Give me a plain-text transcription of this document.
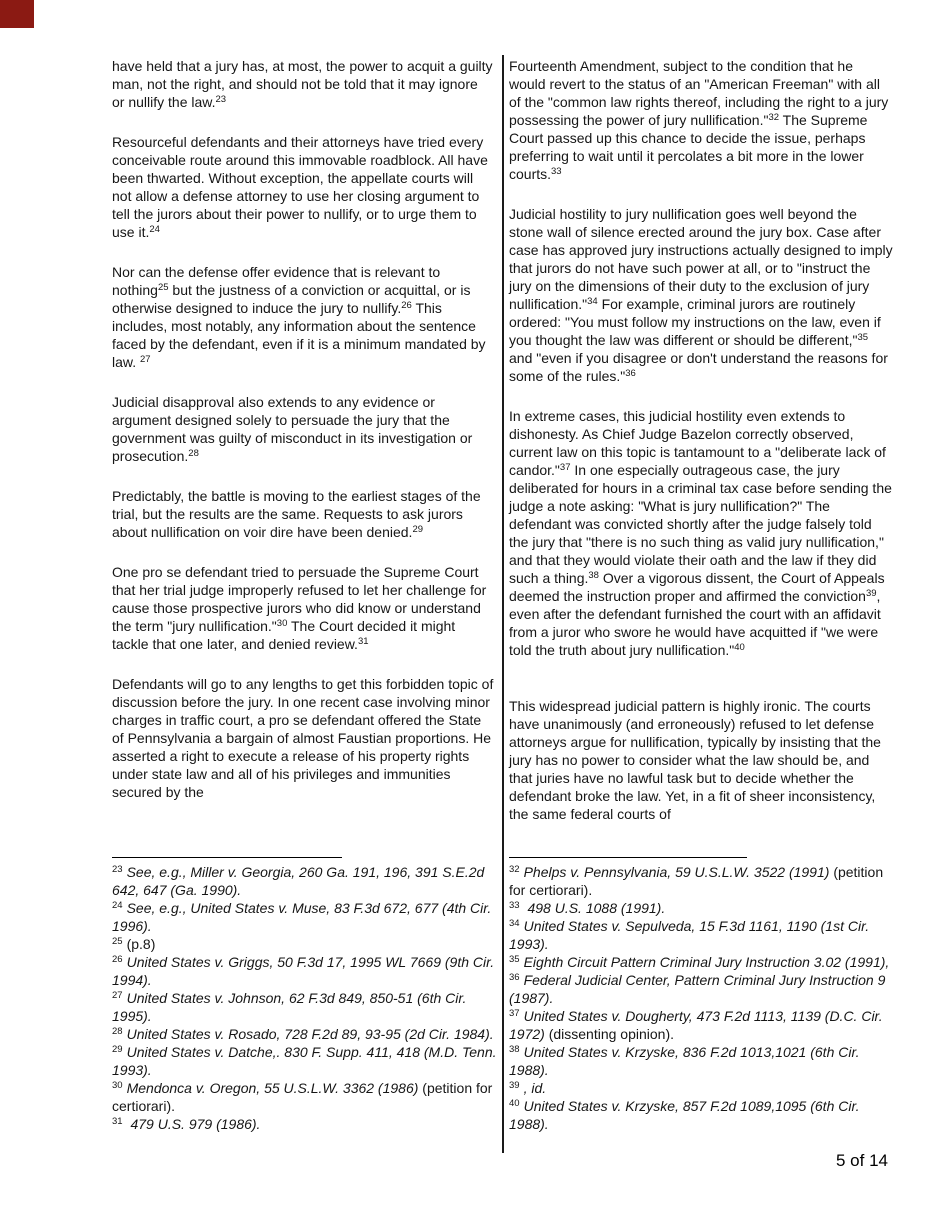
have held that a jury has, at most, the power to acquit a guilty man, not the right, and should not be told that it may ignore or nullify the law.$^{23}$

Resourceful defendants and their attorneys have tried every conceivable route around this immovable roadblock. All have been thwarted. Without exception, the appellate courts will not allow a defense attorney to use her closing argument to tell the jurors about their power to nullify, or to urge them to use it.$^{24}$

Nor can the defense offer evidence that is relevant to nothing$^{25}$ but the justness of a conviction or acquittal, or is otherwise designed to induce the jury to nullify.$^{26}$ This includes, most notably, any information about the sentence faced by the defendant, even if it is a minimum mandated by law. $^{27}$

Judicial disapproval also extends to any evidence or argument designed solely to persuade the jury that the government was guilty of misconduct in its investigation or prosecution.$^{28}$

Predictably, the battle is moving to the earliest stages of the trial, but the results are the same. Requests to ask jurors about nullification on voir dire have been denied.$^{29}$

One pro se defendant tried to persuade the Supreme Court that her trial judge improperly refused to let her challenge for cause those prospective jurors who did know or understand the term "jury nullification."$^{30}$ The Court decided it might tackle that one later, and denied review.$^{31}$

Defendants will go to any lengths to get this forbidden topic of discussion before the jury. In one recent case involving minor charges in traffic court, a pro se defendant offered the State of Pennsylvania a bargain of almost Faustian proportions. He asserted a right to execute a release of his property rights under state law and all of his privileges and immunities secured by the

Fourteenth Amendment, subject to the condition that he would revert to the status of an "American Freeman" with all of the "common law rights thereof, including the right to a jury possessing the power of jury nullification."$^{32}$ The Supreme Court passed up this chance to decide the issue, perhaps preferring to wait until it percolates a bit more in the lower courts.$^{33}$

Judicial hostility to jury nullification goes well beyond the stone wall of silence erected around the jury box. Case after case has approved jury instructions actually designed to imply that jurors do not have such power at all, or to "instruct the jury on the dimensions of their duty to the exclusion of jury nullification."$^{34}$ For example, criminal jurors are routinely ordered: "You must follow my instructions on the law, even if you thought the law was different or should be different,"$^{35}$ and "even if you disagree or don't understand the reasons for some of the rules."$^{36}$

In extreme cases, this judicial hostility even extends to dishonesty. As Chief Judge Bazelon correctly observed, current law on this topic is tantamount to a "deliberate lack of candor."$^{37}$ In one especially outrageous case, the jury deliberated for hours in a criminal tax case before sending the judge a note asking: "What is jury nullification?" The defendant was convicted shortly after the judge falsely told the jury that "there is no such thing as valid jury nullification," and that they would violate their oath and the law if they did such a thing.$^{38}$ Over a vigorous dissent, the Court of Appeals deemed the instruction proper and affirmed the conviction$^{39}$, even after the defendant furnished the court with an affidavit from a juror who swore he would have acquitted if "we were told the truth about jury nullification."$^{40}$

This widespread judicial pattern is highly ironic. The courts have unanimously (and erroneously) refused to let defense attorneys argue for nullification, typically by insisting that the jury has no power to consider what the law should be, and that juries have no lawful task but to decide whether the defendant broke the law. Yet, in a fit of sheer inconsistency, the same federal courts of

$^{23}$ See, e.g., Miller v. Georgia, 260 Ga. 191, 196, 391 S.E.2d 642, 647 (Ga. 1990).
$^{24}$ See, e.g., United States v. Muse, 83 F.3d 672, 677 (4th Cir. 1996).
$^{25}$ (p.8)
$^{26}$ United States v. Griggs, 50 F.3d 17, 1995 WL 7669 (9th Cir. 1994).
$^{27}$ United States v. Johnson, 62 F.3d 849, 850-51 (6th Cir. 1995).
$^{28}$ United States v. Rosado, 728 F.2d 89, 93-95 (2d Cir. 1984).
$^{29}$ United States v. Datche,. 830 F. Supp. 411, 418 (M.D. Tenn. 1993).
$^{30}$ Mendonca v. Oregon, 55 U.S.L.W. 3362 (1986) (petition for certiorari).
$^{31}$ 479 U.S. 979 (1986).
$^{32}$ Phelps v. Pennsylvania, 59 U.S.L.W. 3522 (1991) (petition for certiorari).
$^{33}$ 498 U.S. 1088 (1991).
$^{34}$ United States v. Sepulveda, 15 F.3d 1161, 1190 (1st Cir. 1993).
$^{35}$ Eighth Circuit Pattern Criminal Jury Instruction 3.02 (1991),
$^{36}$ Federal Judicial Center, Pattern Criminal Jury Instruction 9 (1987).
$^{37}$ United States v. Dougherty, 473 F.2d 1113, 1139 (D.C. Cir. 1972) (dissenting opinion).
$^{38}$ United States v. Krzyske, 836 F.2d 1013,1021 (6th Cir. 1988).
$^{39}$ , id.
$^{40}$ United States v. Krzyske, 857 F.2d 1089,1095 (6th Cir. 1988).
5 of 14
